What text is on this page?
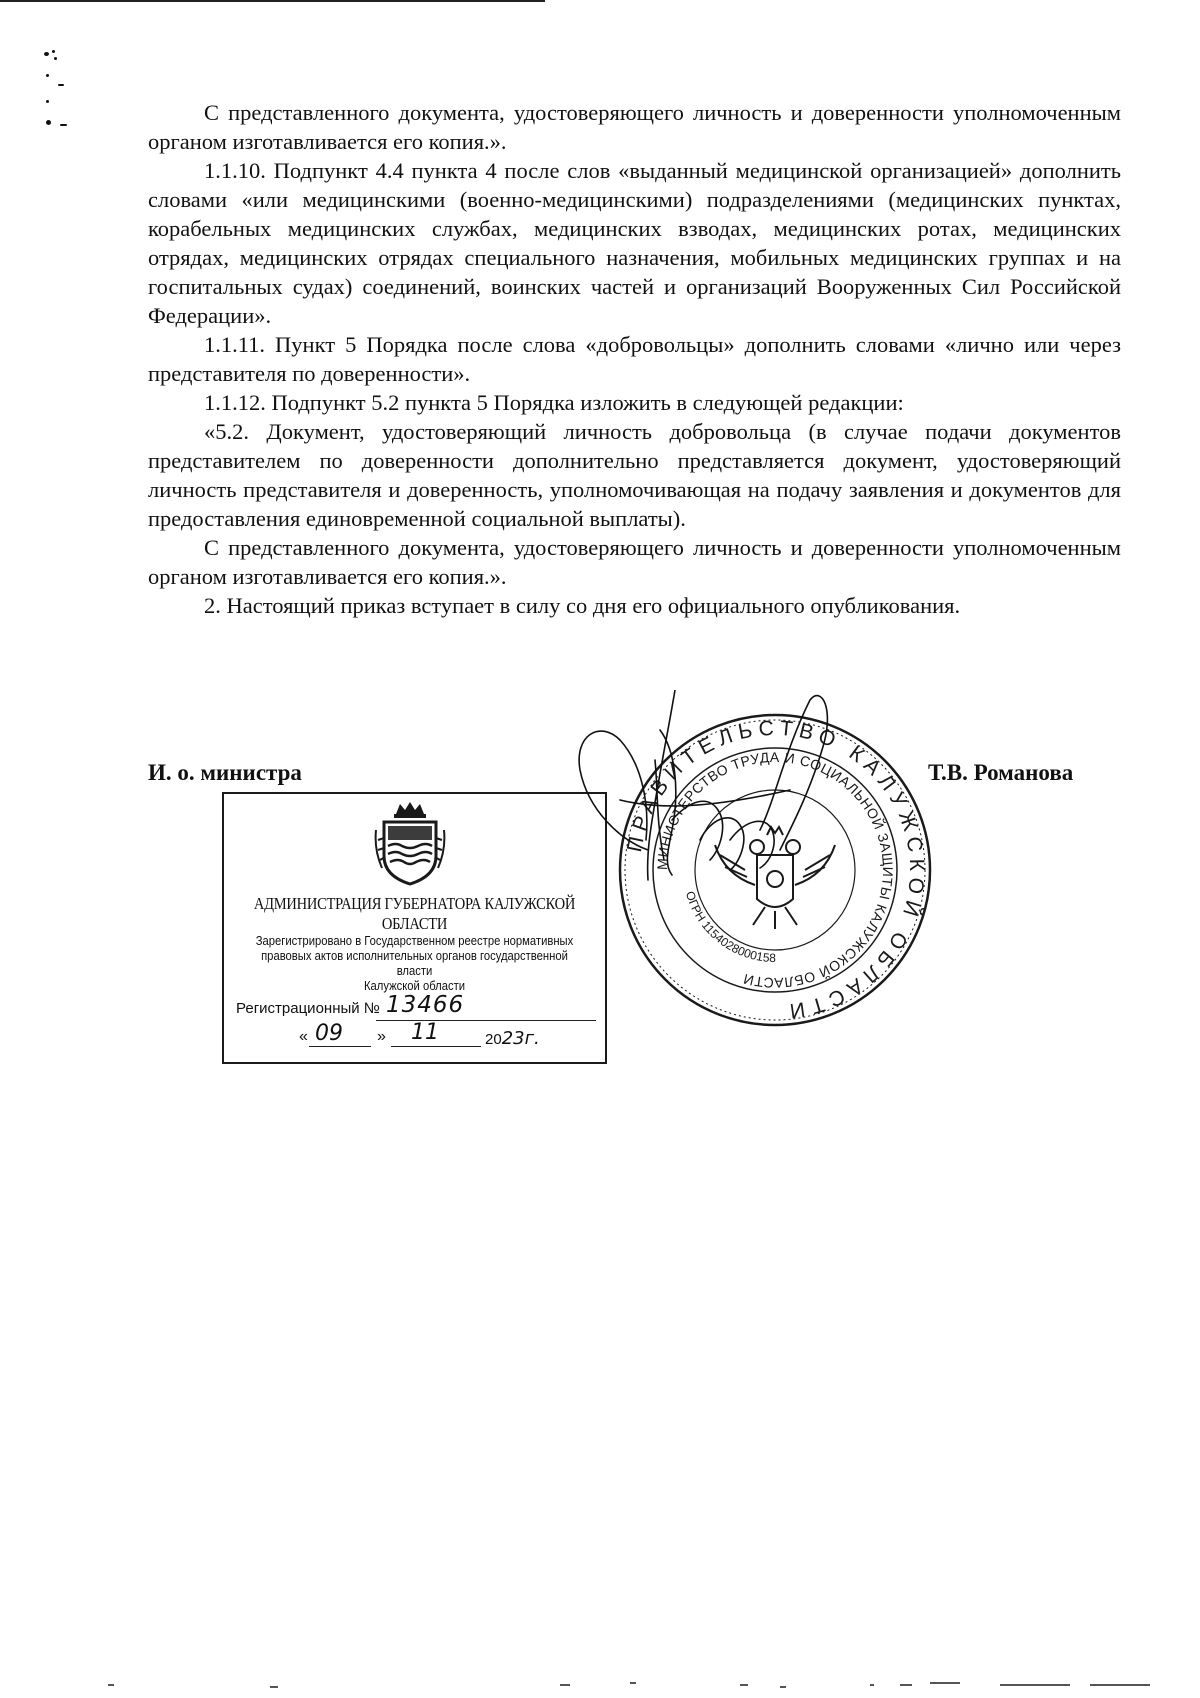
С представленного документа, удостоверяющего личность и доверенности уполномоченным органом изготавливается его копия.».

1.1.10. Подпункт 4.4 пункта 4 после слов «выданный медицинской организацией» дополнить словами «или медицинскими (военно-медицинскими) подразделениями (медицинских пунктах, корабельных медицинских службах, медицинских взводах, медицинских ротах, медицинских отрядах, медицинских отрядах специального назначения, мобильных медицинских группах и на госпитальных судах) соединений, воинских частей и организаций Вооруженных Сил Российской Федерации».

1.1.11. Пункт 5 Порядка после слова «добровольцы» дополнить словами «лично или через представителя по доверенности».

1.1.12. Подпункт 5.2 пункта 5 Порядка изложить в следующей редакции:

«5.2. Документ, удостоверяющий личность добровольца (в случае подачи документов представителем по доверенности дополнительно представляется документ, удостоверяющий личность представителя и доверенность, уполномочивающая на подачу заявления и документов для предоставления единовременной социальной выплаты).

С представленного документа, удостоверяющего личность и доверенности уполномоченным органом изготавливается его копия.».

2. Настоящий приказ вступает в силу со дня его официального опубликования.

И. о. министра	Т.В. Романова
АДМИНИСТРАЦИЯ ГУБЕРНАТОРА КАЛУЖСКОЙ ОБЛАСТИ
Зарегистрировано в Государственном реестре нормативных
правовых актов исполнительных органов государственной власти
Калужской области
Регистрационный № 13466
« 09 » 11	2023г.
ПРАВИТЕЛЬСТВО КАЛУЖСКОЙ ОБЛАСТИ
МИНИСТЕРСТВО ТРУДА И СОЦИАЛЬНОЙ ЗАЩИТЫ КАЛУЖСКОЙ ОБЛАСТИ
ОГРН 1154028000158
